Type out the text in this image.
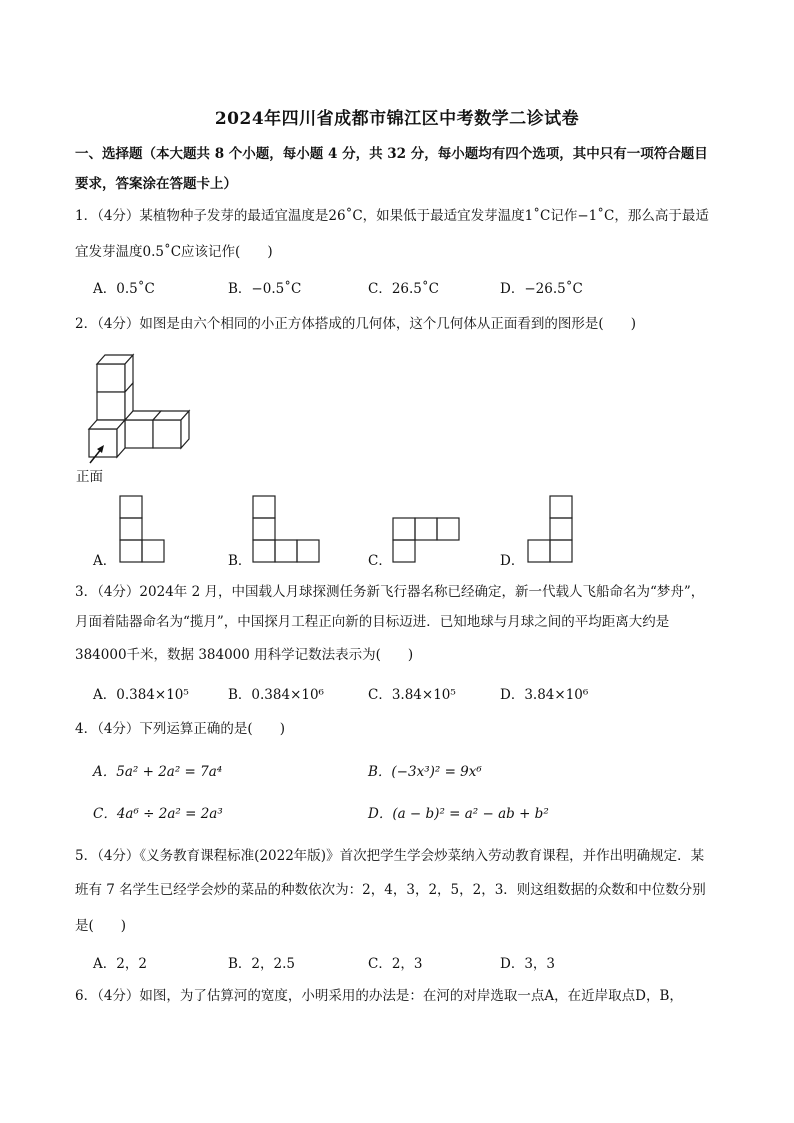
2024年四川省成都市锦江区中考数学二诊试卷
一、选择题（本大题共 8 个小题，每小题 4 分，共 32 分，每小题均有四个选项，其中只有一项符合题目
要求，答案涂在答题卡上）
1．（4分）某植物种子发芽的最适宜温度是26˚C，如果低于最适宜发芽温度1˚C记作−1˚C，那么高于最适
宜发芽温度0.5˚C应该记作(　　)
A．0.5˚C	B．−0.5˚C	C．26.5˚C	D．−26.5˚C
2．（4分）如图是由六个相同的小正方体搭成的几何体，这个几何体从正面看到的图形是(　　)
正面
A．	B．	C．	D．
3．（4分）2024年 2 月，中国载人月球探测任务新飞行器名称已经确定，新一代载人飞船命名为“梦舟”，
月面着陆器命名为“揽月”，中国探月工程正向新的目标迈进．已知地球与月球之间的平均距离大约是
384000千米，数据 384000 用科学记数法表示为(　　)
A．0.384×10⁵	B．0.384×10⁶	C．3.84×10⁵	D．3.84×10⁶
4．（4分）下列运算正确的是(　　)
A．5a² + 2a² = 7a⁴	B．(−3x³)² = 9x⁶
C．4a⁶ ÷ 2a² = 2a³	D．(a − b)² = a² − ab + b²
5．（4分）《义务教育课程标准(2022年版)》首次把学生学会炒菜纳入劳动教育课程，并作出明确规定．某
班有 7 名学生已经学会炒的菜品的种数依次为：2，4，3，2，5，2，3．则这组数据的众数和中位数分别
是(　　)
A．2，2	B．2，2.5	C．2，3	D．3，3
6．（4分）如图，为了估算河的宽度，小明采用的办法是：在河的对岸选取一点A，在近岸取点D，B，
